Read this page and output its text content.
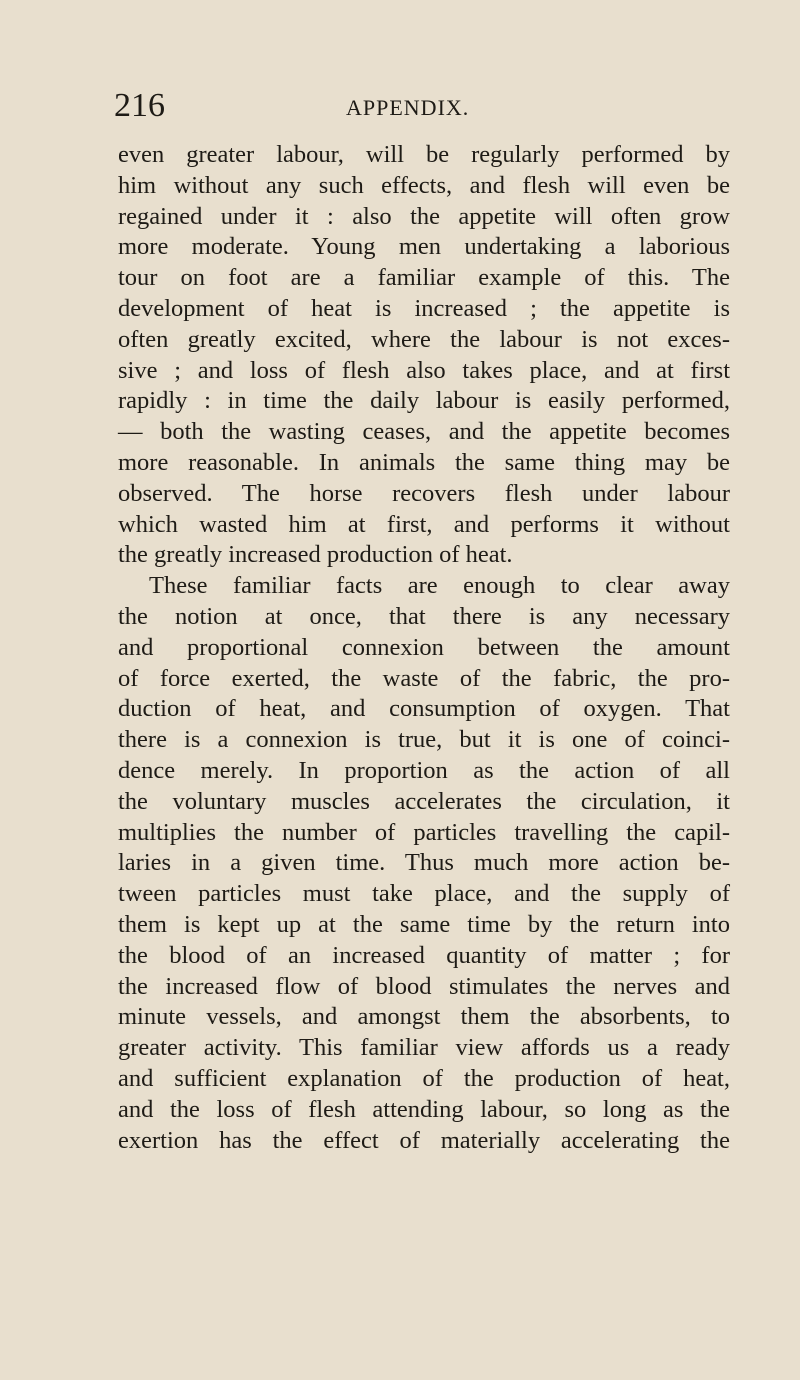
216	APPENDIX.
even greater labour, will be regularly performed by
him without any such effects, and flesh will even be
regained under it : also the appetite will often grow
more moderate. Young men undertaking a laborious
tour on foot are a familiar example of this. The
development of heat is increased ; the appetite is
often greatly excited, where the labour is not exces-
sive ; and loss of flesh also takes place, and at first
rapidly : in time the daily labour is easily performed,
— both the wasting ceases, and the appetite becomes
more reasonable. In animals the same thing may be
observed. The horse recovers flesh under labour
which wasted him at first, and performs it without
the greatly increased production of heat.
These familiar facts are enough to clear away
the notion at once, that there is any necessary
and proportional connexion between the amount
of force exerted, the waste of the fabric, the pro-
duction of heat, and consumption of oxygen. That
there is a connexion is true, but it is one of coinci-
dence merely. In proportion as the action of all
the voluntary muscles accelerates the circulation, it
multiplies the number of particles travelling the capil-
laries in a given time. Thus much more action be-
tween particles must take place, and the supply of
them is kept up at the same time by the return into
the blood of an increased quantity of matter ; for
the increased flow of blood stimulates the nerves and
minute vessels, and amongst them the absorbents, to
greater activity. This familiar view affords us a ready
and sufficient explanation of the production of heat,
and the loss of flesh attending labour, so long as the
exertion has the effect of materially accelerating the
